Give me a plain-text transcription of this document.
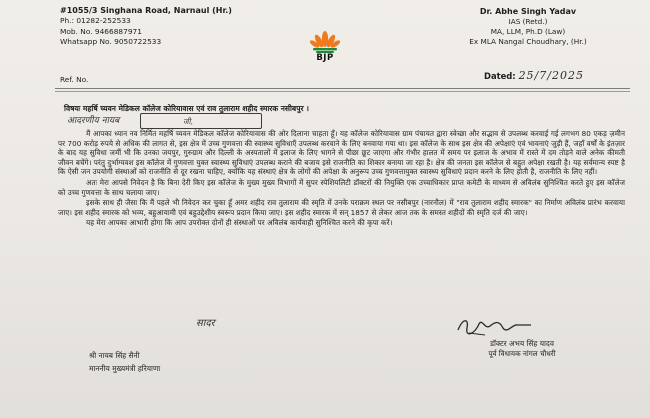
#1055/3 Singhana Road, Narnaul (Hr.)
Ph.: 01282-252533
Mob. No. 9466887971
Whatsapp No. 9050722533
BJP
Dr. Abhe Singh Yadav
IAS (Retd.)
MA, LLM, Ph.D (Law)
Ex MLA Nangal Choudhary, (Hr.)
Ref. No.	Dated: 25/7/2025
विषयः महर्षि च्यवन मेडिकल कॉलेज कोरियावास एवं राव तुलाराम शहीद स्मारक नसीबपुर ।
आदरणीय नायब	जी,

मैं आपका ध्यान नव निर्मित महर्षि च्यवन मेडिकल कॉलेज कोरियावास की ओर दिलाना चाहता हूँ। यह कॉलेज कोरियावास ग्राम पंचायत द्वारा स्वेच्छा और सद्भाव से उपलब्ध करवाई गई लगभग 80 एकड़ ज़मीन पर 700 करोड़ रुपये से अधिक की लागत से, इस क्षेत्र में उच्च गुणवत्ता की स्वास्थ्य सुविधाएँ उपलब्ध करवाने के लिए बनवाया गया था। इस कॉलेज के साथ इस क्षेत्र की अपेक्षाएं एवं भावनाएं जुड़ी हैं, जहाँ वर्षों के इंतज़ार के बाद यह सुविधा जमीं भी कि उनका जयपुर, गुरुग्राम और दिल्ली के अस्पतालों में इलाज के लिए भागने से पीछा छूट जाएगा और गंभीर हालत में समय पर इलाज के अभाव में रास्ते में दम तोड़ने वाले अनेक कीमती जीवन बचेंगे। परंतु दुर्भाग्यवश इस कॉलेज में गुणवत्ता युक्त स्वास्थ्य सुविधाएं उपलब्ध कराने की बजाय इसे राजनीति का शिकार बनाया जा रहा है। क्षेत्र की जनता इस कॉलेज से बहुत अपेक्षा रखती है। यह सर्वमान्य स्पष्ट है कि ऐसी जन उपयोगी संस्थाओं को राजनीति से दूर रखना चाहिए, क्योंकि यह संस्थाएं क्षेत्र के लोगों की अपेक्षा के अनुरूप उच्च गुणवत्तायुक्त स्वास्थ्य सुविधाएं प्रदान करने के लिए होती है, राजनीति के लिए नहीं।

अतः मेरा आपसे निवेदन है कि बिना देरी किए इस कॉलेज के मुख्य मुख्य विभागों में सुपर स्पेशियलिटी डॉक्टरों की नियुक्ति एक उच्चाधिकार प्राप्त कमेटी के माध्यम से अविलंब सुनिश्चित करते हुए इस कॉलेज को उच्च गुणवत्ता के साथ चलाया जाए।

इसके साथ ही जैसा कि मैं पहले भी निवेदन कर चुका हूँ अमर शहीद राव तुलाराम की स्मृति में उनके पराक्रम स्थल पर नसीबपुर (नारनौल) में "राव तुलाराम शहीद स्मारक" का निर्माण अविलंब प्रारंभ करवाया जाए। इस शहीद स्मारक को भव्य, बहुआयामी एवं बहुउद्देशीय स्वरूप प्रदान किया जाए। इस शहीद स्मारक में सन् 1857 से लेकर आज तक के समस्त शहीदों की स्मृति दर्ज की जाए।

यह मेरा आपका आभारी होगा कि आप उपरोक्त दोनों ही संस्थाओं पर अविलंब कार्यवाही सुनिश्चित करने की कृपा करें।

सादर
डॉक्टर अभय सिंह यादव
पूर्व विधायक नांगल चौधरी
श्री नायब सिंह सैनी
माननीय मुख्यमंत्री हरियाणा
